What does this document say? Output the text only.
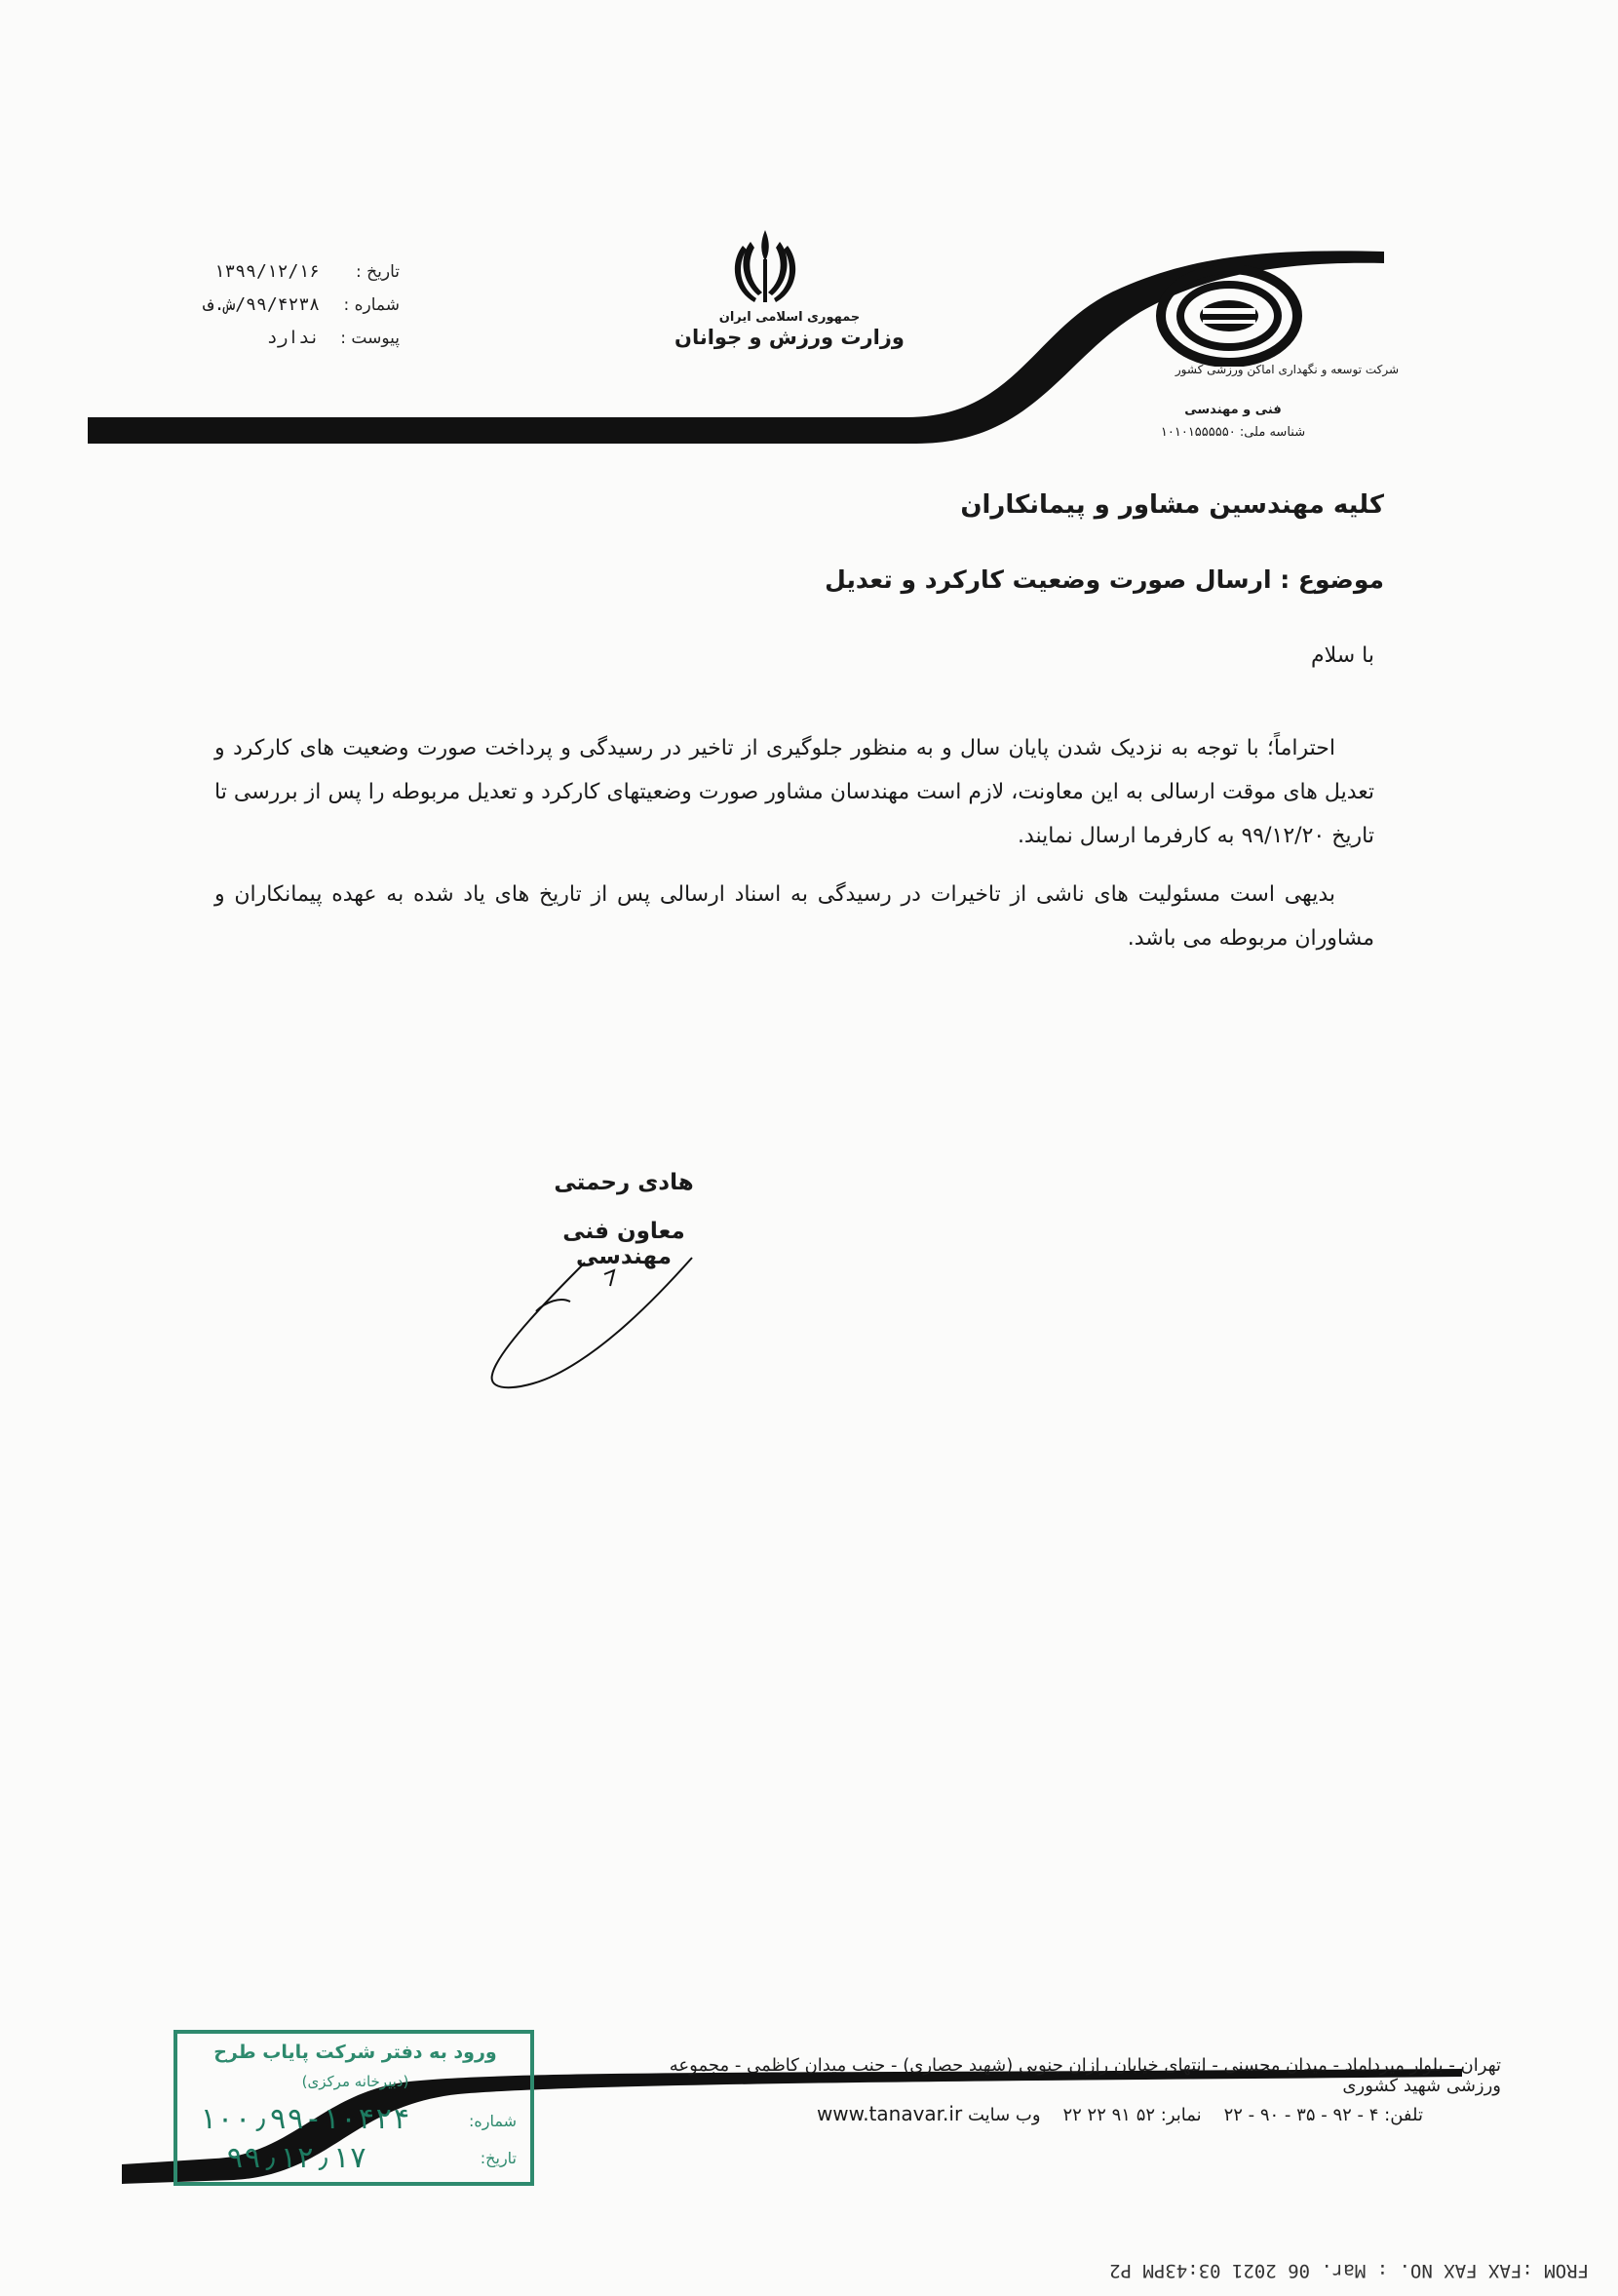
تاریخ :
۱۳۹۹/۱۲/۱۶
شماره :
۹۹/۴۲۳۸/ش.ف
پیوست :
ندارد
جمهوری اسلامی ایران
وزارت ورزش و جوانان
شرکت توسعه و نگهداری اماکن ورزشی کشور
فنی و مهندسی
شناسه ملی: ۱۰۱۰۱۵۵۵۵۵۰
کلیه مهندسین مشاور و پیمانکاران
موضوع : ارسال صورت وضعیت کارکرد و تعدیل
با سلام

احتراماً؛ با توجه به نزدیک شدن پایان سال و به منظور جلوگیری از تاخیر در رسیدگی و پرداخت صورت وضعیت های کارکرد و تعدیل های موقت ارسالی به این معاونت، لازم است مهندسان مشاور صورت وضعیتهای کارکرد و تعدیل مربوطه را پس از بررسی تا تاریخ ۹۹/۱۲/۲۰ به کارفرما ارسال نمایند.

بدیهی است مسئولیت های ناشی از تاخیرات در رسیدگی به اسناد ارسالی پس از تاریخ های یاد شده به عهده پیمانکاران و مشاوران مربوطه می باشد.

هادی رحمتی
معاون فنی مهندسی
ورود به دفتر شرکت پایاب طرح
(دبیرخانه مرکزی)
شماره:
تاریخ:
۱۰۰٫۹۹-۱۰۴۲۴
۹۹٫۱۲٫۱۷
تهران - بلوار میرداماد - میدان محسنی - انتهای خیابان رازان جنوبی (شهید حصاری) - جنب میدان کاظمی - مجموعه ورزشی شهید کشوری
تلفن: ۴ - ۹۲ - ۳۵ - ۹۰ - ۲۲    نمابر: ۵۲ ۹۱ ۲۲ ۲۲    وب سایت www.tanavar.ir
FROM :FAX FAX NO. : Mar. 06 2021 03:43PM P2
